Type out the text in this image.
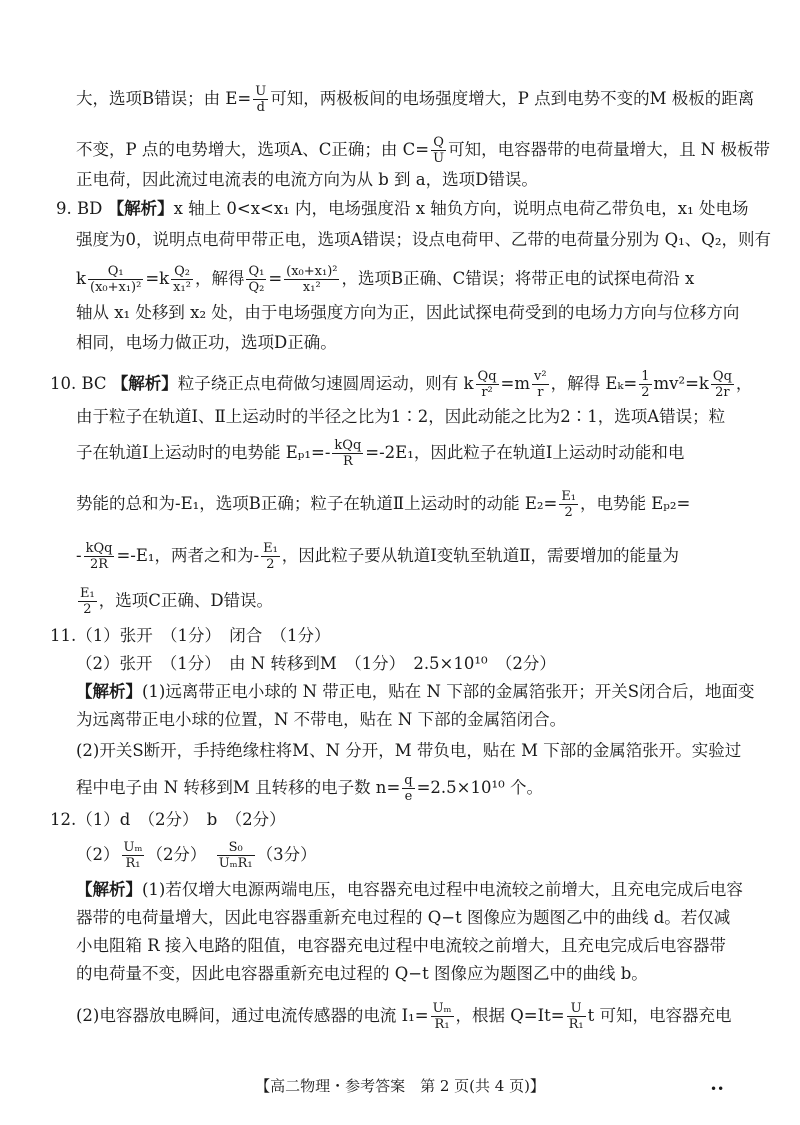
大，选项B错误；由 $E= \frac{U}{d}$ 可知，两极板间的电场强度增大，P 点到电势不变的M 极板的距离
不变，P 点的电势增大，选项A、C正确；由 $C= \frac{Q}{U}$ 可知，电容器带的电荷量增大，且 N 极板带
正电荷，因此流过电流表的电流方向为从 b 到 a，选项D错误。
9. BD 【解析】x 轴上 0<x<x₁ 内，电场强度沿 x 轴负方向，说明点电荷乙带负电，x₁ 处电场
强度为0，说明点电荷甲带正电，选项A错误；设点电荷甲、乙带的电荷量分别为 Q₁、Q₂，则有
k $\frac{\text{Q₁}}{\text{(x₀+x₁)²}} =k \frac{\text{Q₂}}{\text{x₁²}}$ ，解得 $\frac{\text{Q₁}}{\text{Q₂}} = \frac{\text{(x₀+x₁)²}}{\text{x₁²}}$ ，选项B正确、C错误；将带正电的试探电荷沿 x
轴从 x₁ 处移到 x₂ 处，由于电场强度方向为正，因此试探电荷受到的电场力方向与位移方向
相同，电场力做正功，选项D正确。
10. BC 【解析】粒子绕正点电荷做匀速圆周运动，则有 k $\frac{Qq}{\text{r²}} =m \frac{\text{v²}}{r}$ ，解得 $E_k= \frac{1}{2} mv^2=k \frac{Qq}{2r}$ ，
由于粒子在轨道Ⅰ、Ⅱ上运动时的半径之比为1∶2，因此动能之比为2∶1，选项A错误；粒
子在轨道Ⅰ上运动时的电势能 $E_{p1}=- \frac{\text{kQq}}{R} =-2E_1$，因此粒子在轨道Ⅰ上运动时动能和电
势能的总和为-E₁，选项B正确；粒子在轨道Ⅱ上运动时的动能 $E_2= \frac{\text{E₁}}{2}$ ，电势能 Eₚ₂=
- $\frac{\text{kQq}}{2R} =-E_1$，两者之和为- $\frac{\text{E₁}}{2}$ ，因此粒子要从轨道Ⅰ变轨至轨道Ⅱ，需要增加的能量为
$\frac{\text{E₁}}{2}$ ，选项C正确、D错误。
11.（1）张开　（1分）　闭合　（1分）
（2）张开　（1分）　由 N 转移到M　（1分）　2.5×10¹⁰　（2分）
【解析】(1)远离带正电小球的 N 带正电，贴在 N 下部的金属箔张开；开关S闭合后，地面变
为远离带正电小球的位置，N 不带电，贴在 N 下部的金属箔闭合。
(2)开关S断开，手持绝缘柱将M、N 分开，M 带负电，贴在 M 下部的金属箔张开。实验过
程中电子由 N 转移到M 且转移的电子数 $n= \frac{q}{e} =2.5\times 10^{10}$ 个。
12.（1）d　（2分）　b　（2分）
$(2) \frac{\text{Uₘ}}{\text{R₁}} (2$分）　 $\frac{\text{S₀}}{\text{UₘR₁}} (3$分）
【解析】(1)若仅增大电源两端电压，电容器充电过程中电流较之前增大，且充电完成后电容
器带的电荷量增大，因此电容器重新充电过程的 Q−t 图像应为题图乙中的曲线 d。若仅减
小电阻箱 R 接入电路的阻值，电容器充电过程中电流较之前增大，且充电完成后电容器带
的电荷量不变，因此电容器重新充电过程的 Q−t 图像应为题图乙中的曲线 b。
(2)电容器放电瞬间，通过电流传感器的电流 $I_1= \frac{\text{Uₘ}}{\text{R₁}}$ ，根据 $Q=It= \frac{U}{\text{R₁}}$ t 可知，电容器充电
【高二物理・参考答案　第 2 页(共 4 页)】	••
